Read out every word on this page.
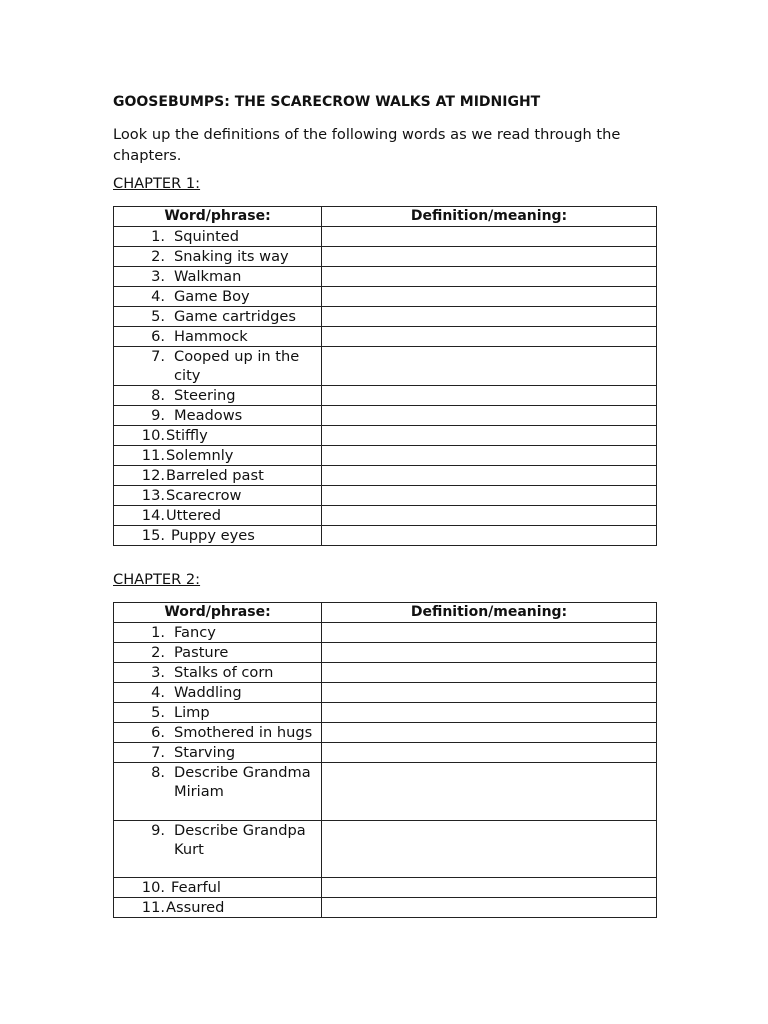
GOOSEBUMPS: THE SCARECROW WALKS AT MIDNIGHT
Look up the definitions of the following words as we read through the chapters.
CHAPTER 1:
Word/phrase:	Definition/meaning:

1. Squinted	

2. Snaking its way	

3. Walkman	

4. Game Boy	

5. Game cartridges	

6. Hammock	

7. Cooped up in the city	

8. Steering	

9. Meadows	

10. Stiffly	

11. Solemnly	

12. Barreled past	

13. Scarecrow	

14. Uttered	

15. Puppy eyes	

CHAPTER 2:
Word/phrase:	Definition/meaning:

1. Fancy	

2. Pasture	

3. Stalks of corn	

4. Waddling	

5. Limp	

6. Smothered in hugs	

7. Starving	

8. Describe Grandma Miriam	

9. Describe Grandpa Kurt	

10. Fearful	

11. Assured	
